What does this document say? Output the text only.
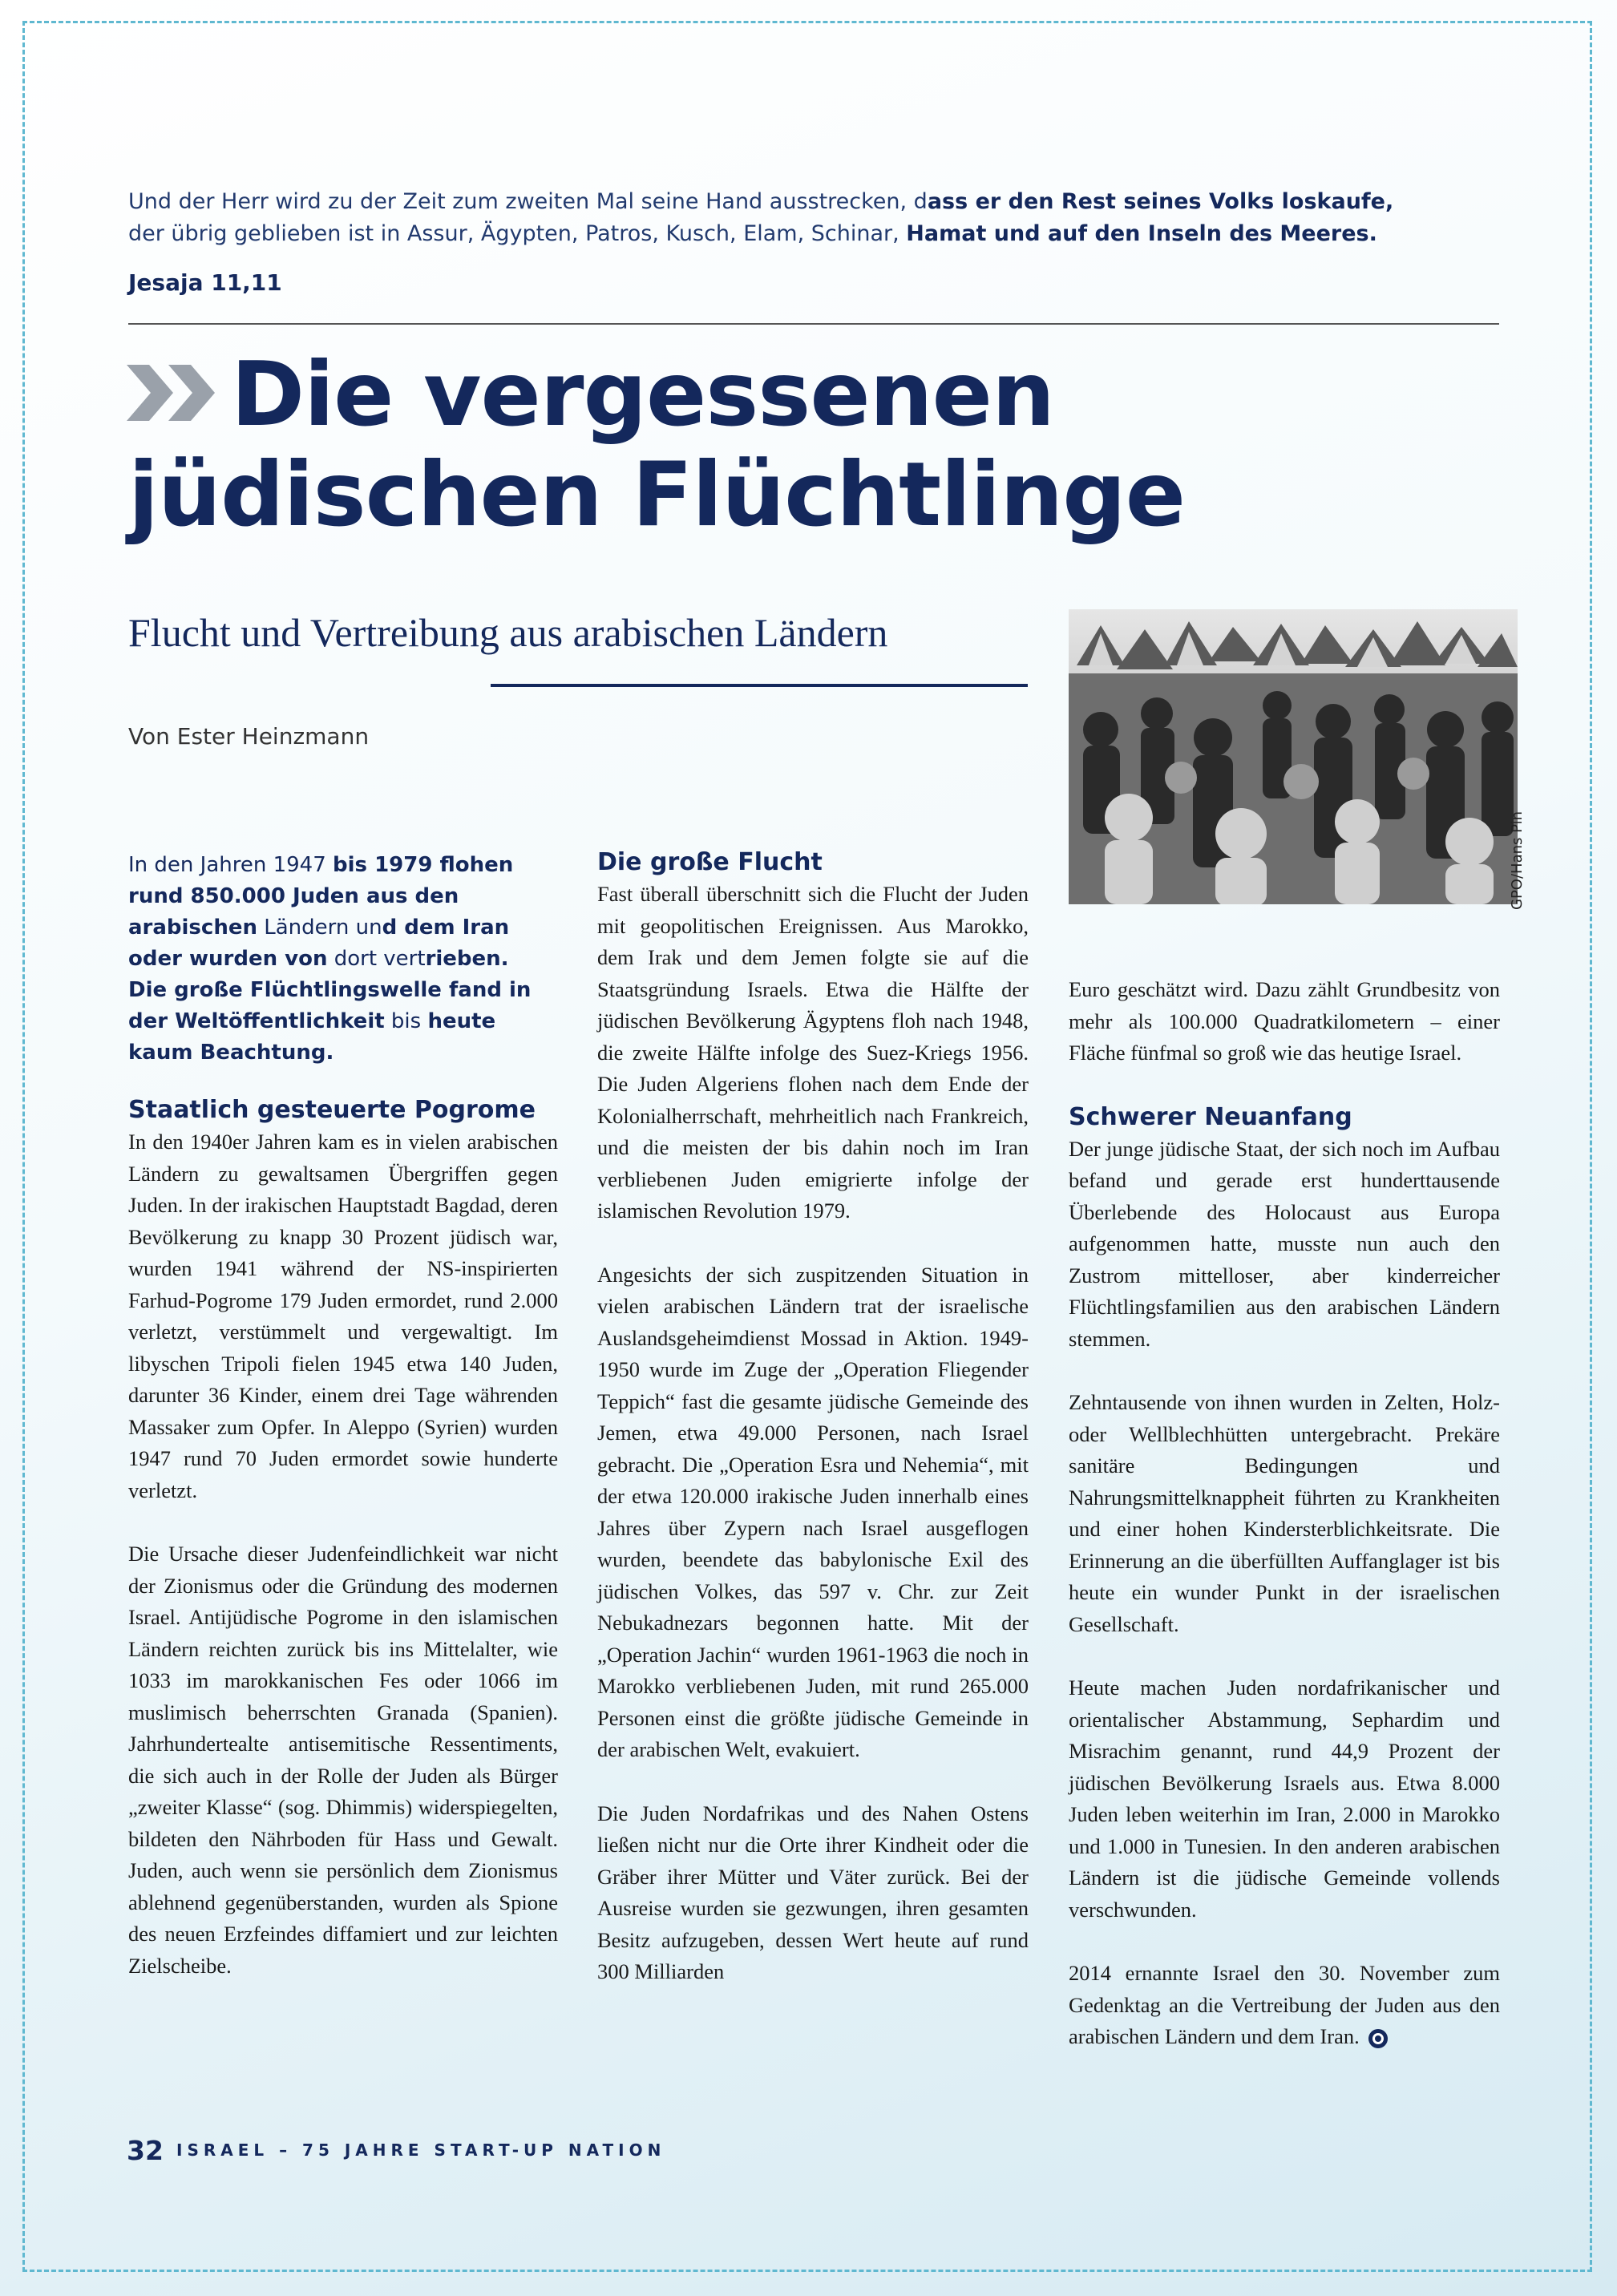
Und der Herr wird zu der Zeit zum zweiten Mal seine Hand ausstrecken, dass er den Rest seines Volks loskaufe,
der übrig geblieben ist in Assur, Ägypten, Patros, Kusch, Elam, Schinar, Hamat und auf den Inseln des Meeres.
Jesaja 11,11
Die vergessenen
jüdischen Flüchtlinge
Flucht und Vertreibung aus arabischen Ländern
Von Ester Heinzmann
GPO/Hans Pin
In den Jahren 1947 bis 1979 flohen rund 850.000 Juden aus den arabischen Ländern und dem Iran oder wurden von dort vertrieben. Die große Flüchtlingswelle fand in der Weltöffentlichkeit bis heute kaum Beachtung.
Staatlich gesteuerte Pogrome

In den 1940er Jahren kam es in vielen arabischen Ländern zu gewaltsamen Übergriffen gegen Juden. In der irakischen Hauptstadt Bagdad, deren Bevölkerung zu knapp 30 Prozent jüdisch war, wurden 1941 während der NS-inspirierten Farhud-Pogrome 179 Juden ermordet, rund 2.000 verletzt, verstümmelt und vergewaltigt. Im libyschen Tripoli fielen 1945 etwa 140 Juden, darunter 36 Kinder, einem drei Tage währenden Massaker zum Opfer. In Aleppo (Syrien) wurden 1947 rund 70 Juden ermordet sowie hunderte verletzt.

Die Ursache dieser Judenfeindlichkeit war nicht der Zionismus oder die Gründung des modernen Israel. Antijüdische Pogrome in den islamischen Ländern reichten zurück bis ins Mittelalter, wie 1033 im marokkanischen Fes oder 1066 im muslimisch beherrschten Granada (Spanien). Jahrhundertealte antisemitische Ressentiments, die sich auch in der Rolle der Juden als Bürger „zweiter Klasse“ (sog. Dhimmis) widerspiegelten, bildeten den Nährboden für Hass und Gewalt. Juden, auch wenn sie persönlich dem Zionismus ablehnend gegenüberstanden, wurden als Spione des neuen Erzfeindes diffamiert und zur leichten Zielscheibe.

Die große Flucht

Fast überall überschnitt sich die Flucht der Juden mit geopolitischen Ereignissen. Aus Marokko, dem Irak und dem Jemen folgte sie auf die Staatsgründung Israels. Etwa die Hälfte der jüdischen Bevölkerung Ägyptens floh nach 1948, die zweite Hälfte infolge des Suez-Kriegs 1956. Die Juden Algeriens flohen nach dem Ende der Kolonialherrschaft, mehrheitlich nach Frankreich, und die meisten der bis dahin noch im Iran verbliebenen Juden emigrierte infolge der islamischen Revolution 1979.

Angesichts der sich zuspitzenden Situation in vielen arabischen Ländern trat der israelische Auslandsgeheimdienst Mossad in Aktion. 1949-1950 wurde im Zuge der „Operation Fliegender Teppich“ fast die gesamte jüdische Gemeinde des Jemen, etwa 49.000 Personen, nach Israel gebracht. Die „Operation Esra und Nehemia“, mit der etwa 120.000 irakische Juden innerhalb eines Jahres über Zypern nach Israel ausgeflogen wurden, beendete das babylonische Exil des jüdischen Volkes, das 597 v. Chr. zur Zeit Nebukadnezars begonnen hatte. Mit der „Operation Jachin“ wurden 1961-1963 die noch in Marokko verbliebenen Juden, mit rund 265.000 Personen einst die größte jüdische Gemeinde in der arabischen Welt, evakuiert.

Die Juden Nordafrikas und des Nahen Ostens ließen nicht nur die Orte ihrer Kindheit oder die Gräber ihrer Mütter und Väter zurück. Bei der Ausreise wurden sie gezwungen, ihren gesamten Besitz aufzugeben, dessen Wert heute auf rund 300 Milliarden

Euro geschätzt wird. Dazu zählt Grundbesitz von mehr als 100.000 Quadratkilometern – einer Fläche fünfmal so groß wie das heutige Israel.

Schwerer Neuanfang

Der junge jüdische Staat, der sich noch im Aufbau befand und gerade erst hunderttausende Überlebende des Holocaust aus Europa aufgenommen hatte, musste nun auch den Zustrom mittelloser, aber kinderreicher Flüchtlingsfamilien aus den arabischen Ländern stemmen.

Zehntausende von ihnen wurden in Zelten, Holz- oder Wellblechhütten untergebracht. Prekäre sanitäre Bedingungen und Nahrungsmittelknappheit führten zu Krankheiten und einer hohen Kindersterblichkeitsrate. Die Erinnerung an die überfüllten Auffanglager ist bis heute ein wunder Punkt in der israelischen Gesellschaft.

Heute machen Juden nordafrikanischer und orientalischer Abstammung, Sephardim und Misrachim genannt, rund 44,9 Prozent der jüdischen Bevölkerung Israels aus. Etwa 8.000 Juden leben weiterhin im Iran, 2.000 in Marokko und 1.000 in Tunesien. In den anderen arabischen Ländern ist die jüdische Gemeinde vollends verschwunden.

2014 ernannte Israel den 30. November zum Gedenktag an die Vertreibung der Juden aus den arabischen Ländern und dem Iran.

32 ISRAEL – 75 JAHRE START-UP NATION
